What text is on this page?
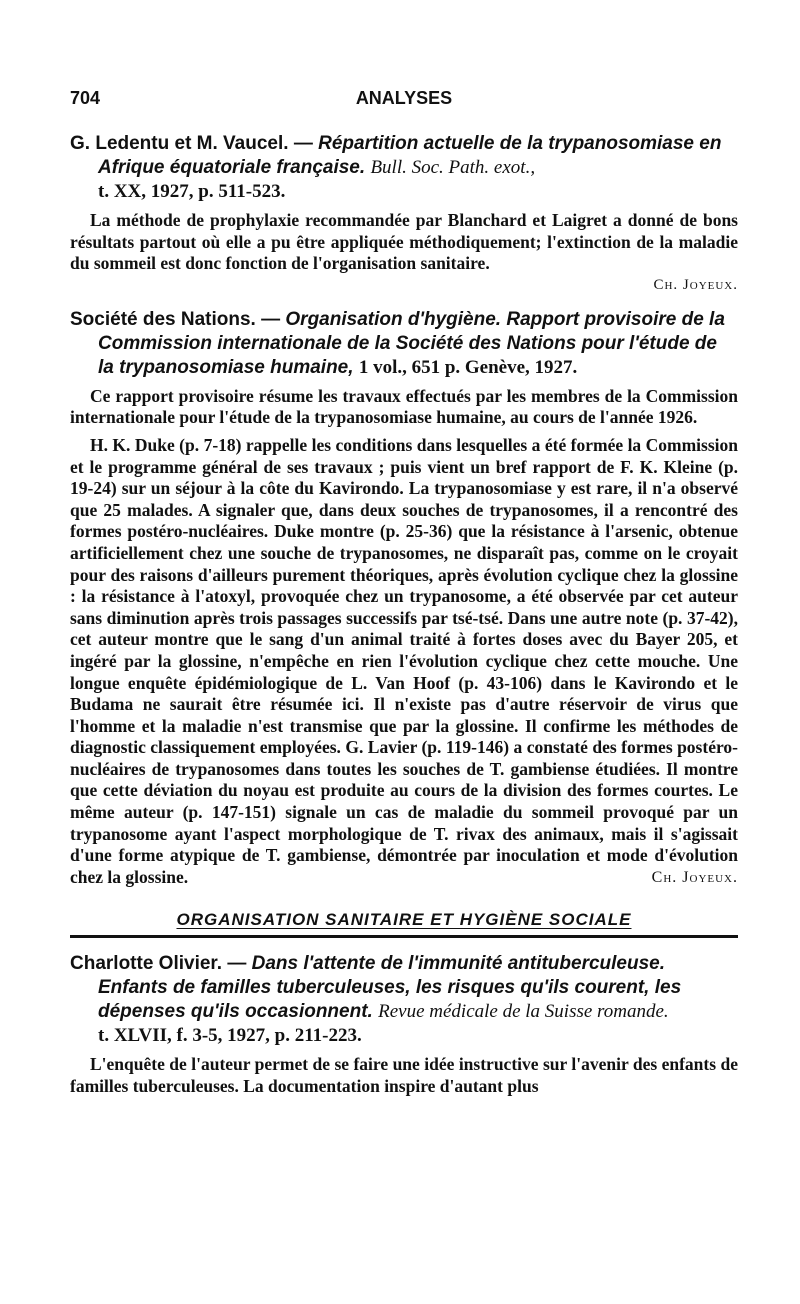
704	ANALYSES
G. Ledentu et M. Vaucel. — Répartition actuelle de la trypanosomiase en Afrique équatoriale française. Bull. Soc. Path. exot.,
t. XX, 1927, p. 511-523.

La méthode de prophylaxie recommandée par Blanchard et Laigret a donné de bons résultats partout où elle a pu être appliquée méthodiquement; l'extinction de la maladie du sommeil est donc fonction de l'organisation sanitaire.

Ch. Joyeux.
Société des Nations. — Organisation d'hygiène. Rapport provisoire de la Commission internationale de la Société des Nations pour l'étude de la trypanosomiase humaine, 1 vol., 651 p. Genève, 1927.

Ce rapport provisoire résume les travaux effectués par les membres de la Commission internationale pour l'étude de la trypanosomiase humaine, au cours de l'année 1926.

H. K. Duke (p. 7-18) rappelle les conditions dans lesquelles a été formée la Commission et le programme général de ses travaux ; puis vient un bref rapport de F. K. Kleine (p. 19-24) sur un séjour à la côte du Kavirondo. La trypanosomiase y est rare, il n'a observé que 25 malades. A signaler que, dans deux souches de trypanosomes, il a rencontré des formes postéro-nucléaires. Duke montre (p. 25-36) que la résistance à l'arsenic, obtenue artificiellement chez une souche de trypanosomes, ne disparaît pas, comme on le croyait pour des raisons d'ailleurs purement théoriques, après évolution cyclique chez la glossine : la résistance à l'atoxyl, provoquée chez un trypanosome, a été observée par cet auteur sans diminution après trois passages successifs par tsé-tsé. Dans une autre note (p. 37-42), cet auteur montre que le sang d'un animal traité à fortes doses avec du Bayer 205, et ingéré par la glossine, n'empêche en rien l'évolution cyclique chez cette mouche. Une longue enquête épidémiologique de L. Van Hoof (p. 43-106) dans le Kavirondo et le Budama ne saurait être résumée ici. Il n'existe pas d'autre réservoir de virus que l'homme et la maladie n'est transmise que par la glossine. Il confirme les méthodes de diagnostic classiquement employées. G. Lavier (p. 119-146) a constaté des formes postéro-nucléaires de trypanosomes dans toutes les souches de T. gambiense étudiées. Il montre que cette déviation du noyau est produite au cours de la division des formes courtes. Le même auteur (p. 147-151) signale un cas de maladie du sommeil provoqué par un trypanosome ayant l'aspect morphologique de T. rivax des animaux, mais il s'agissait d'une forme atypique de T. gambiense, démontrée par inoculation et mode d'évolution chez la glossine.	Ch. Joyeux.

ORGANISATION SANITAIRE ET HYGIÈNE SOCIALE
Charlotte Olivier. — Dans l'attente de l'immunité antituberculeuse. Enfants de familles tuberculeuses, les risques qu'ils courent, les dépenses qu'ils occasionnent. Revue médicale de la Suisse romande.
t. XLVII, f. 3-5, 1927, p. 211-223.

L'enquête de l'auteur permet de se faire une idée instructive sur l'avenir des enfants de familles tuberculeuses. La documentation inspire d'autant plus
